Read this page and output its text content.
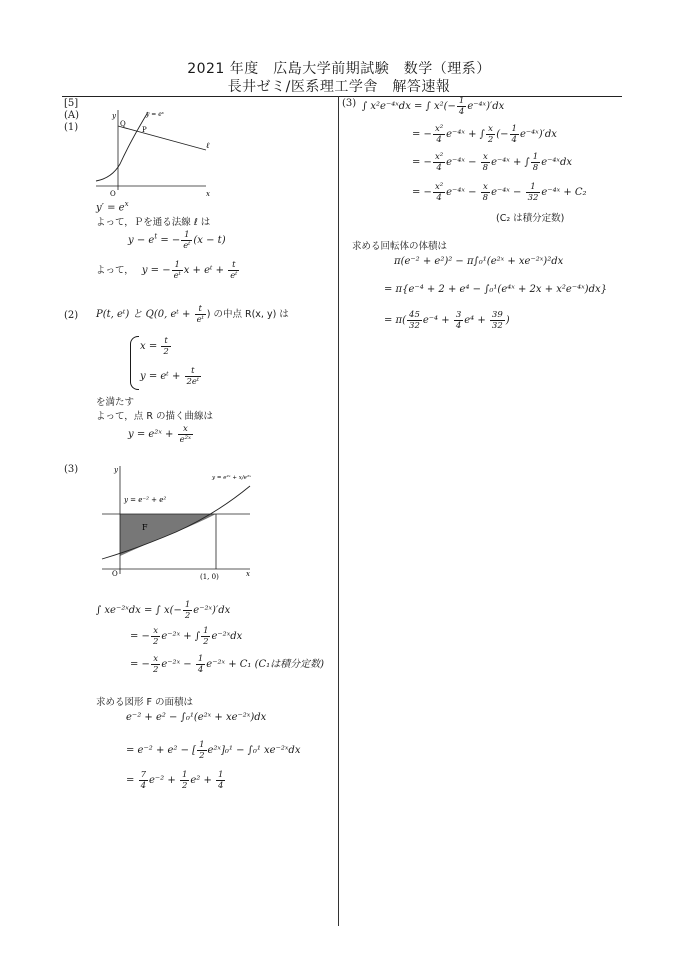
2021 年度　広島大学前期試験　数学（理系）
長井ゼミ/医系理工学舎　解答速報
[5]
(A)
(1)
y
x
O
y = eˣ
Q
P
ℓ
$y' = e^x$
よって，Ｐを通る法線 ℓ は
$y - e^t$ = − $\frac{1}{\text{eᵗ}} (x - t)$
よって， y = − $\frac{1}{\text{eᵗ}}$ x + eᵗ + $\frac{t}{\text{eᵗ}}$
(2) P(t, eᵗ) と Q(0, eᵗ + $\frac{t}{\text{eᵗ}}$ ) の中点 R(x, y) は
$x = \frac{t}{2}$
y = eᵗ + $\frac{t}{\text{2eᵗ}}$
を満たす
よって，点 R の描く曲線は
y = e²ˣ + $\frac{x}{\text{e²ˣ}}$
(3)	y
x
O
y = e²ˣ + x/e²ˣ
y = e⁻² + e²
F
(1, 0)
∫ xe⁻²ˣdx = ∫ $x(- \frac{1}{2}$ e⁻²ˣ)′dx
= − $\frac{x}{2}$ e⁻²ˣ + ∫ $\frac{1}{2}$ e⁻²ˣdx
= − $\frac{x}{2}$ e⁻²ˣ − $\frac{1}{4}$ e⁻²ˣ + C₁ (C₁は積分定数)
求める図形 F の面積は
e⁻² + e² − ∫₀¹(e²ˣ + xe⁻²ˣ)dx
= e⁻² + e² − [ $\frac{1}{2}$ e²ˣ]₀¹ − ∫₀¹ xe⁻²ˣdx
= $\frac{7}{4} e^{-2} + \frac{1}{2} e^2 + \frac{1}{4}$
(3) ∫ x²e⁻⁴ˣdx = ∫ $x^2(- \frac{1}{4}$ e⁻⁴ˣ)′dx
= − $\frac{\text{x²}}{4}$ e⁻⁴ˣ + ∫ $\frac{x}{2}$ (− $\frac{1}{4}$ e⁻⁴ˣ)′dx
= − $\frac{\text{x²}}{4}$ e⁻⁴ˣ − $\frac{x}{8}$ e⁻⁴ˣ + ∫ $\frac{1}{8}$ e⁻⁴ˣdx
= − $\frac{\text{x²}}{4}$ e⁻⁴ˣ − $\frac{x}{8}$ e⁻⁴ˣ − $\frac{1}{32}$ e⁻⁴ˣ + C₂
(C₂ は積分定数)
求める回転体の体積は
π(e⁻² + e²)² − π∫₀¹(e²ˣ + xe⁻²ˣ)²dx
= π{e⁻⁴ + 2 + e⁴ − ∫₀¹(e⁴ˣ + 2x + x²e⁻⁴ˣ)dx}
= $\pi( \frac{45}{32} e^{-4} + \frac{3}{4} e^4 + \frac{39}{32}$ )
